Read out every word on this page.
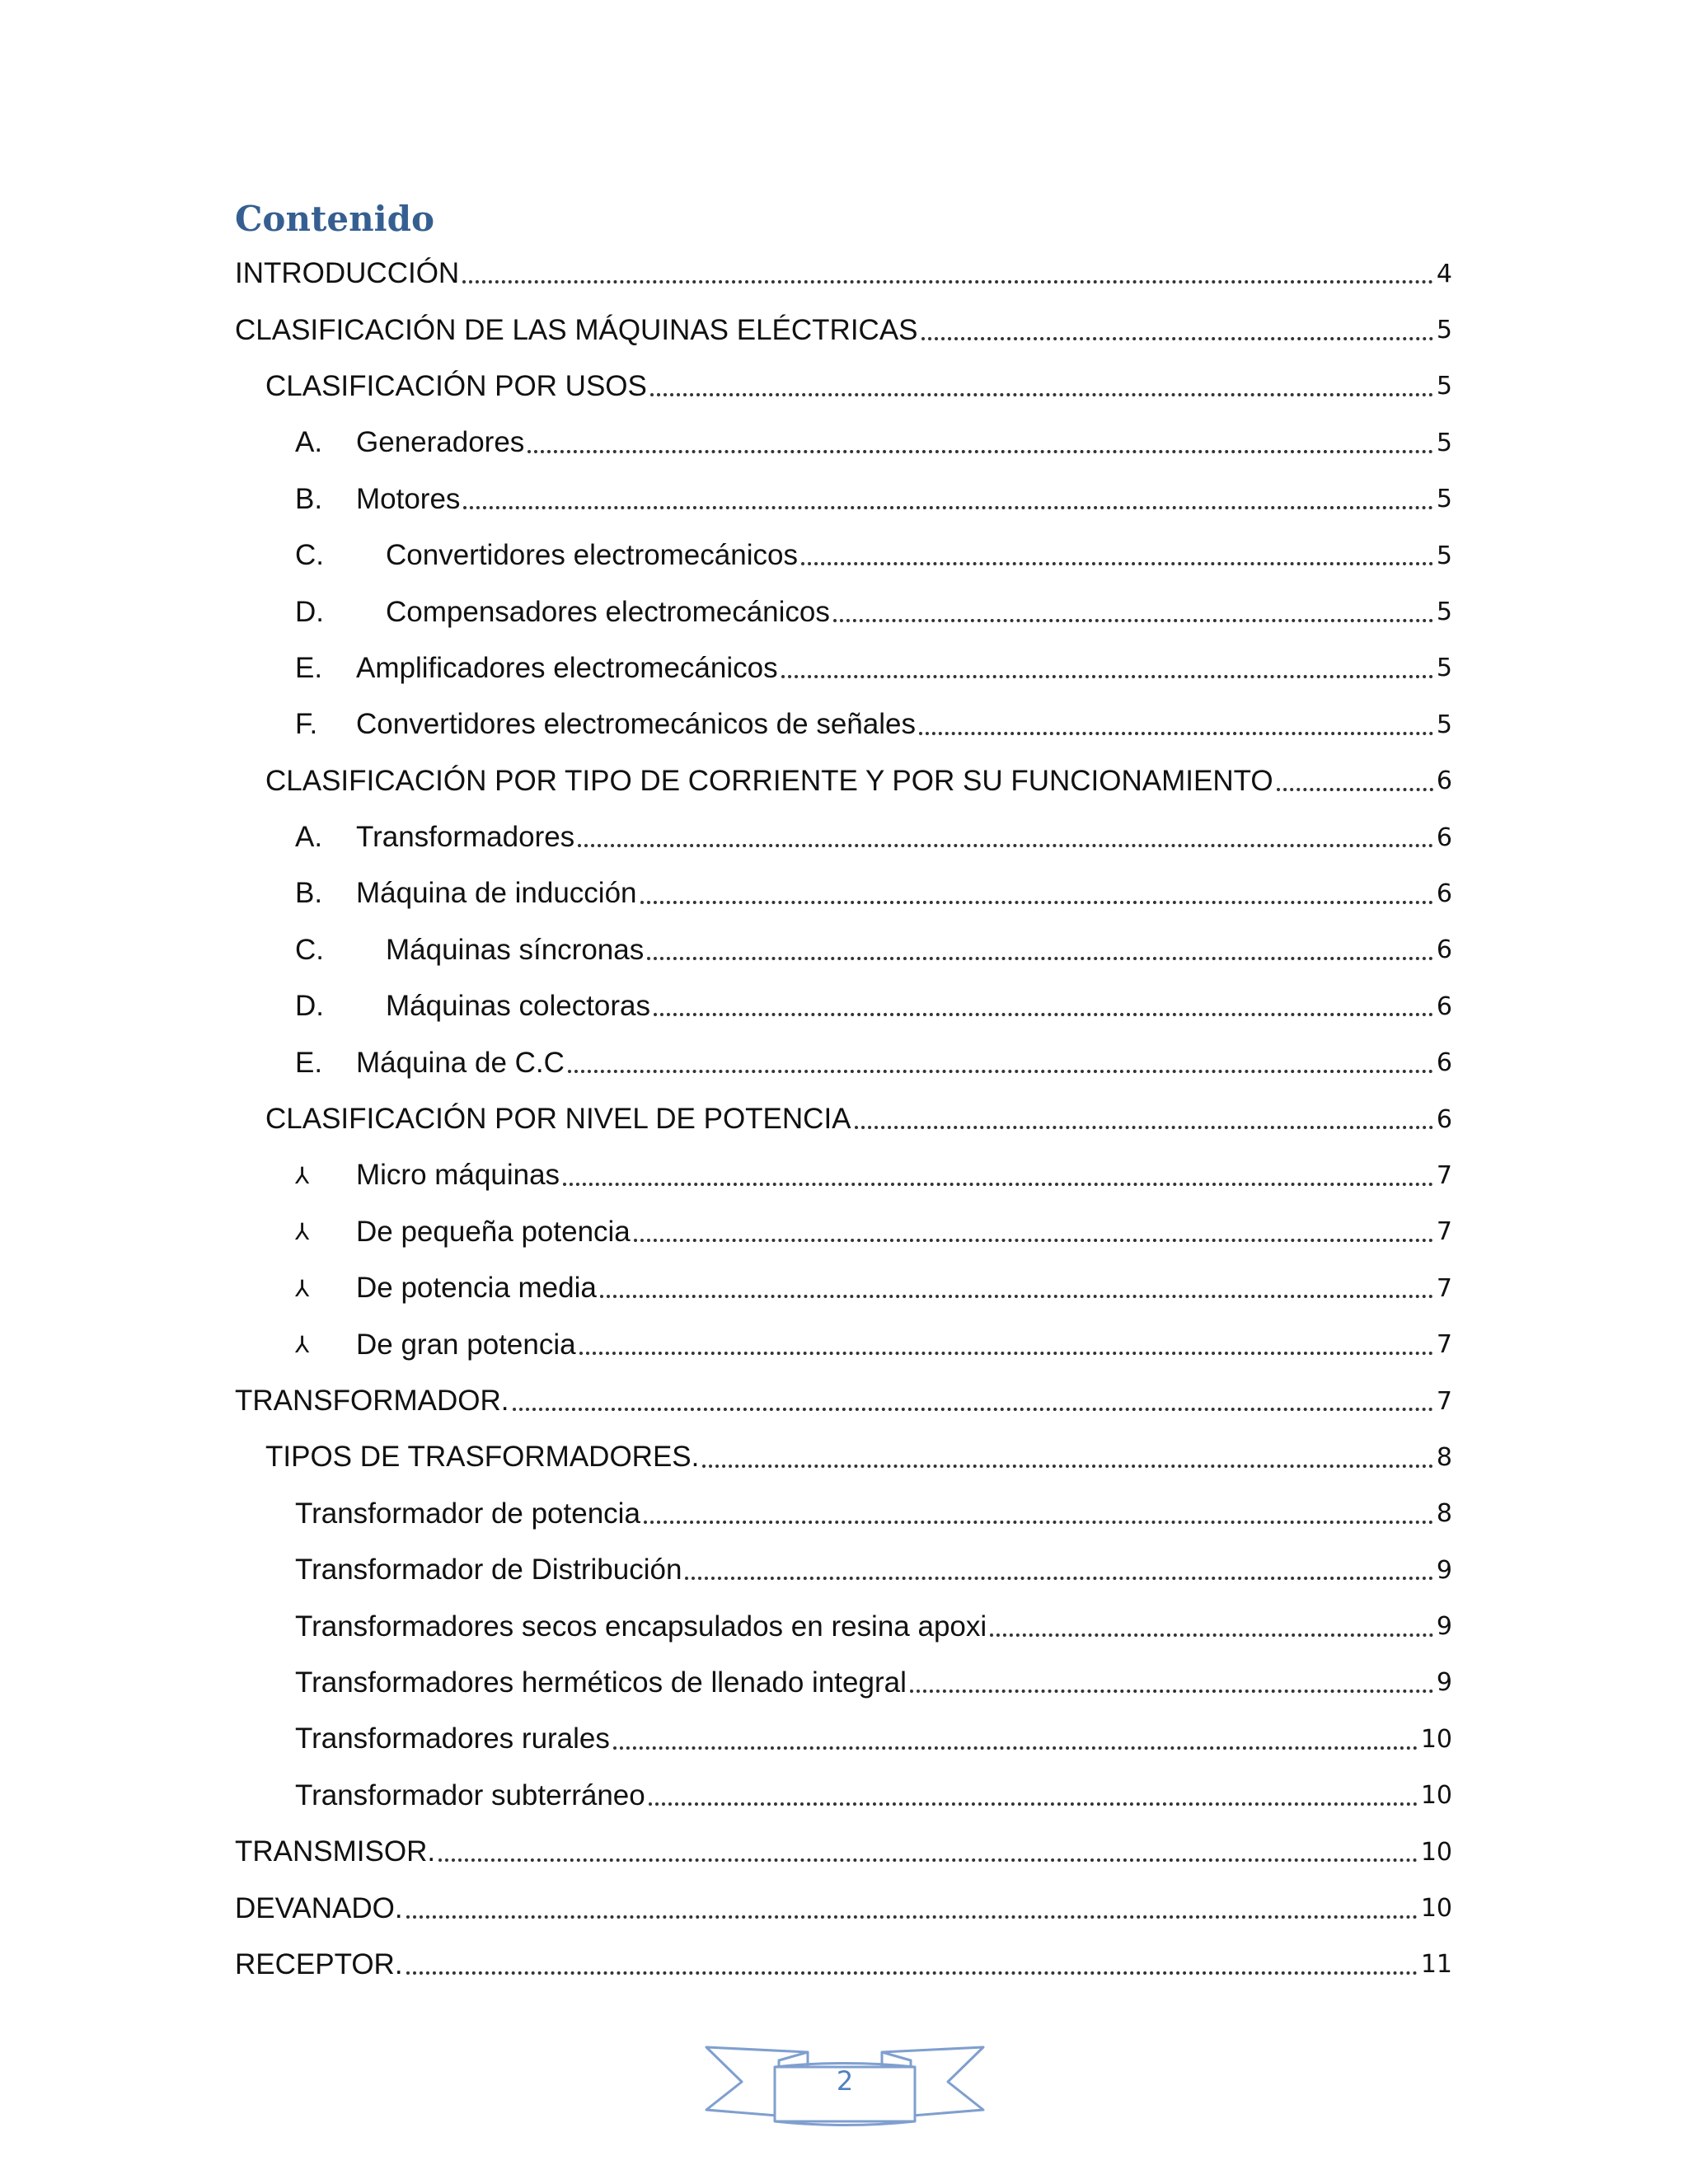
Contenido
INTRODUCCIÓN	4
CLASIFICACIÓN DE LAS MÁQUINAS ELÉCTRICAS	5
CLASIFICACIÓN POR USOS	5
A.	Generadores	5
B.	Motores	5
C.	Convertidores electromecánicos	5
D.	Compensadores electromecánicos	5
E.	Amplificadores electromecánicos	5
F.	Convertidores electromecánicos de señales	5
CLASIFICACIÓN POR TIPO DE CORRIENTE Y POR SU FUNCIONAMIENTO	6
A.	Transformadores	6
B.	Máquina de inducción	6
C.	Máquinas síncronas	6
D.	Máquinas colectoras	6
E.	Máquina de C.C	6
CLASIFICACIÓN POR NIVEL DE POTENCIA	6
⅄	Micro máquinas	7
⅄	De pequeña potencia	7
⅄	De potencia media	7
⅄	De gran potencia	7
TRANSFORMADOR.	7
TIPOS DE TRASFORMADORES.	8
Transformador de potencia	8
Transformador de Distribución	9
Transformadores secos encapsulados en resina apoxi	9
Transformadores herméticos de llenado integral	9
Transformadores rurales	10
Transformador subterráneo	10
TRANSMISOR.	10
DEVANADO.	10
RECEPTOR.	11
2
